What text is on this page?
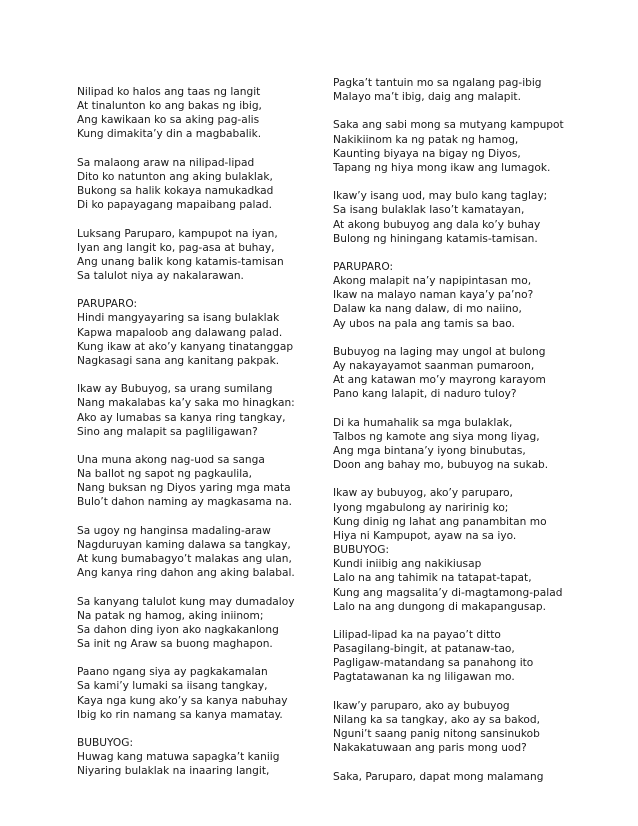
Nilipad ko halos ang taas ng langit
At tinalunton ko ang bakas ng ibig,
Ang kawikaan ko sa aking pag-alis
Kung dimakita’y din a magbabalik.
Sa malaong araw na nilipad-lipad
Dito ko natunton ang aking bulaklak,
Bukong sa halik kokaya namukadkad
Di ko papayagang mapaibang palad.
Luksang Paruparo, kampupot na iyan,
Iyan ang langit ko, pag-asa at buhay,
Ang unang balik kong katamis-tamisan
Sa talulot niya ay nakalarawan.
PARUPARO:
Hindi mangyayaring sa isang bulaklak
Kapwa mapaloob ang dalawang palad.
Kung ikaw at ako’y kanyang tinatanggap
Nagkasagi sana ang kanitang pakpak.
Ikaw ay Bubuyog, sa urang sumilang
Nang makalabas ka’y saka mo hinagkan:
Ako ay lumabas sa kanya ring tangkay,
Sino ang malapit sa pagliligawan?
Una muna akong nag-uod sa sanga
Na ballot ng sapot ng pagkaulila,
Nang buksan ng Diyos yaring mga mata
Bulo’t dahon naming ay magkasama na.
Sa ugoy ng hanginsa madaling-araw
Nagduruyan kaming dalawa sa tangkay,
At kung bumabagyo’t malakas ang ulan,
Ang kanya ring dahon ang aking balabal.
Sa kanyang talulot kung may dumadaloy
Na patak ng hamog, aking iniinom;
Sa dahon ding iyon ako nagkakanlong
Sa init ng Araw sa buong maghapon.
Paano ngang siya ay pagkakamalan
Sa kami’y lumaki sa iisang tangkay,
Kaya nga kung ako’y sa kanya nabuhay
Ibig ko rin namang sa kanya mamatay.
BUBUYOG:
Huwag kang matuwa sapagka’t kaniig
Niyaring bulaklak na inaaring langit,
Pagka’t tantuin mo sa ngalang pag-ibig
Malayo ma’t ibig, daig ang malapit.
Saka ang sabi mong sa mutyang kampupot
Nakikiinom ka ng patak ng hamog,
Kaunting biyaya na bigay ng Diyos,
Tapang ng hiya mong ikaw ang lumagok.
Ikaw’y isang uod, may bulo kang taglay;
Sa isang bulaklak laso’t kamatayan,
At akong bubuyog ang dala ko’y buhay
Bulong ng hiningang katamis-tamisan.
PARUPARO:
Akong malapit na’y napipintasan mo,
Ikaw na malayo naman kaya’y pa’no?
Dalaw ka nang dalaw, di mo naiino,
Ay ubos na pala ang tamis sa bao.
Bubuyog na laging may ungol at bulong
Ay nakayayamot saanman pumaroon,
At ang katawan mo’y mayrong karayom
Pano kang lalapit, di naduro tuloy?
Di ka humahalik sa mga bulaklak,
Talbos ng kamote ang siya mong liyag,
Ang mga bintana’y iyong binubutas,
Doon ang bahay mo, bubuyog na sukab.
Ikaw ay bubuyog, ako’y paruparo,
Iyong mgabulong ay naririnig ko;
Kung dinig ng lahat ang panambitan mo
Hiya ni Kampupot, ayaw na sa iyo.
BUBUYOG:
Kundi iniibig ang nakikiusap
Lalo na ang tahimik na tatapat-tapat,
Kung ang magsalita’y di-magtamong-palad
Lalo na ang dungong di makapangusap.
Lilipad-lipad ka na payao’t ditto
Pasagilang-bingit, at patanaw-tao,
Pagligaw-matandang sa panahong ito
Pagtatawanan ka ng liligawan mo.
Ikaw’y paruparo, ako ay bubuyog
Nilang ka sa tangkay, ako ay sa bakod,
Nguni’t saang panig nitong sansinukob
Nakakatuwaan ang paris mong uod?
Saka, Paruparo, dapat mong malamang
